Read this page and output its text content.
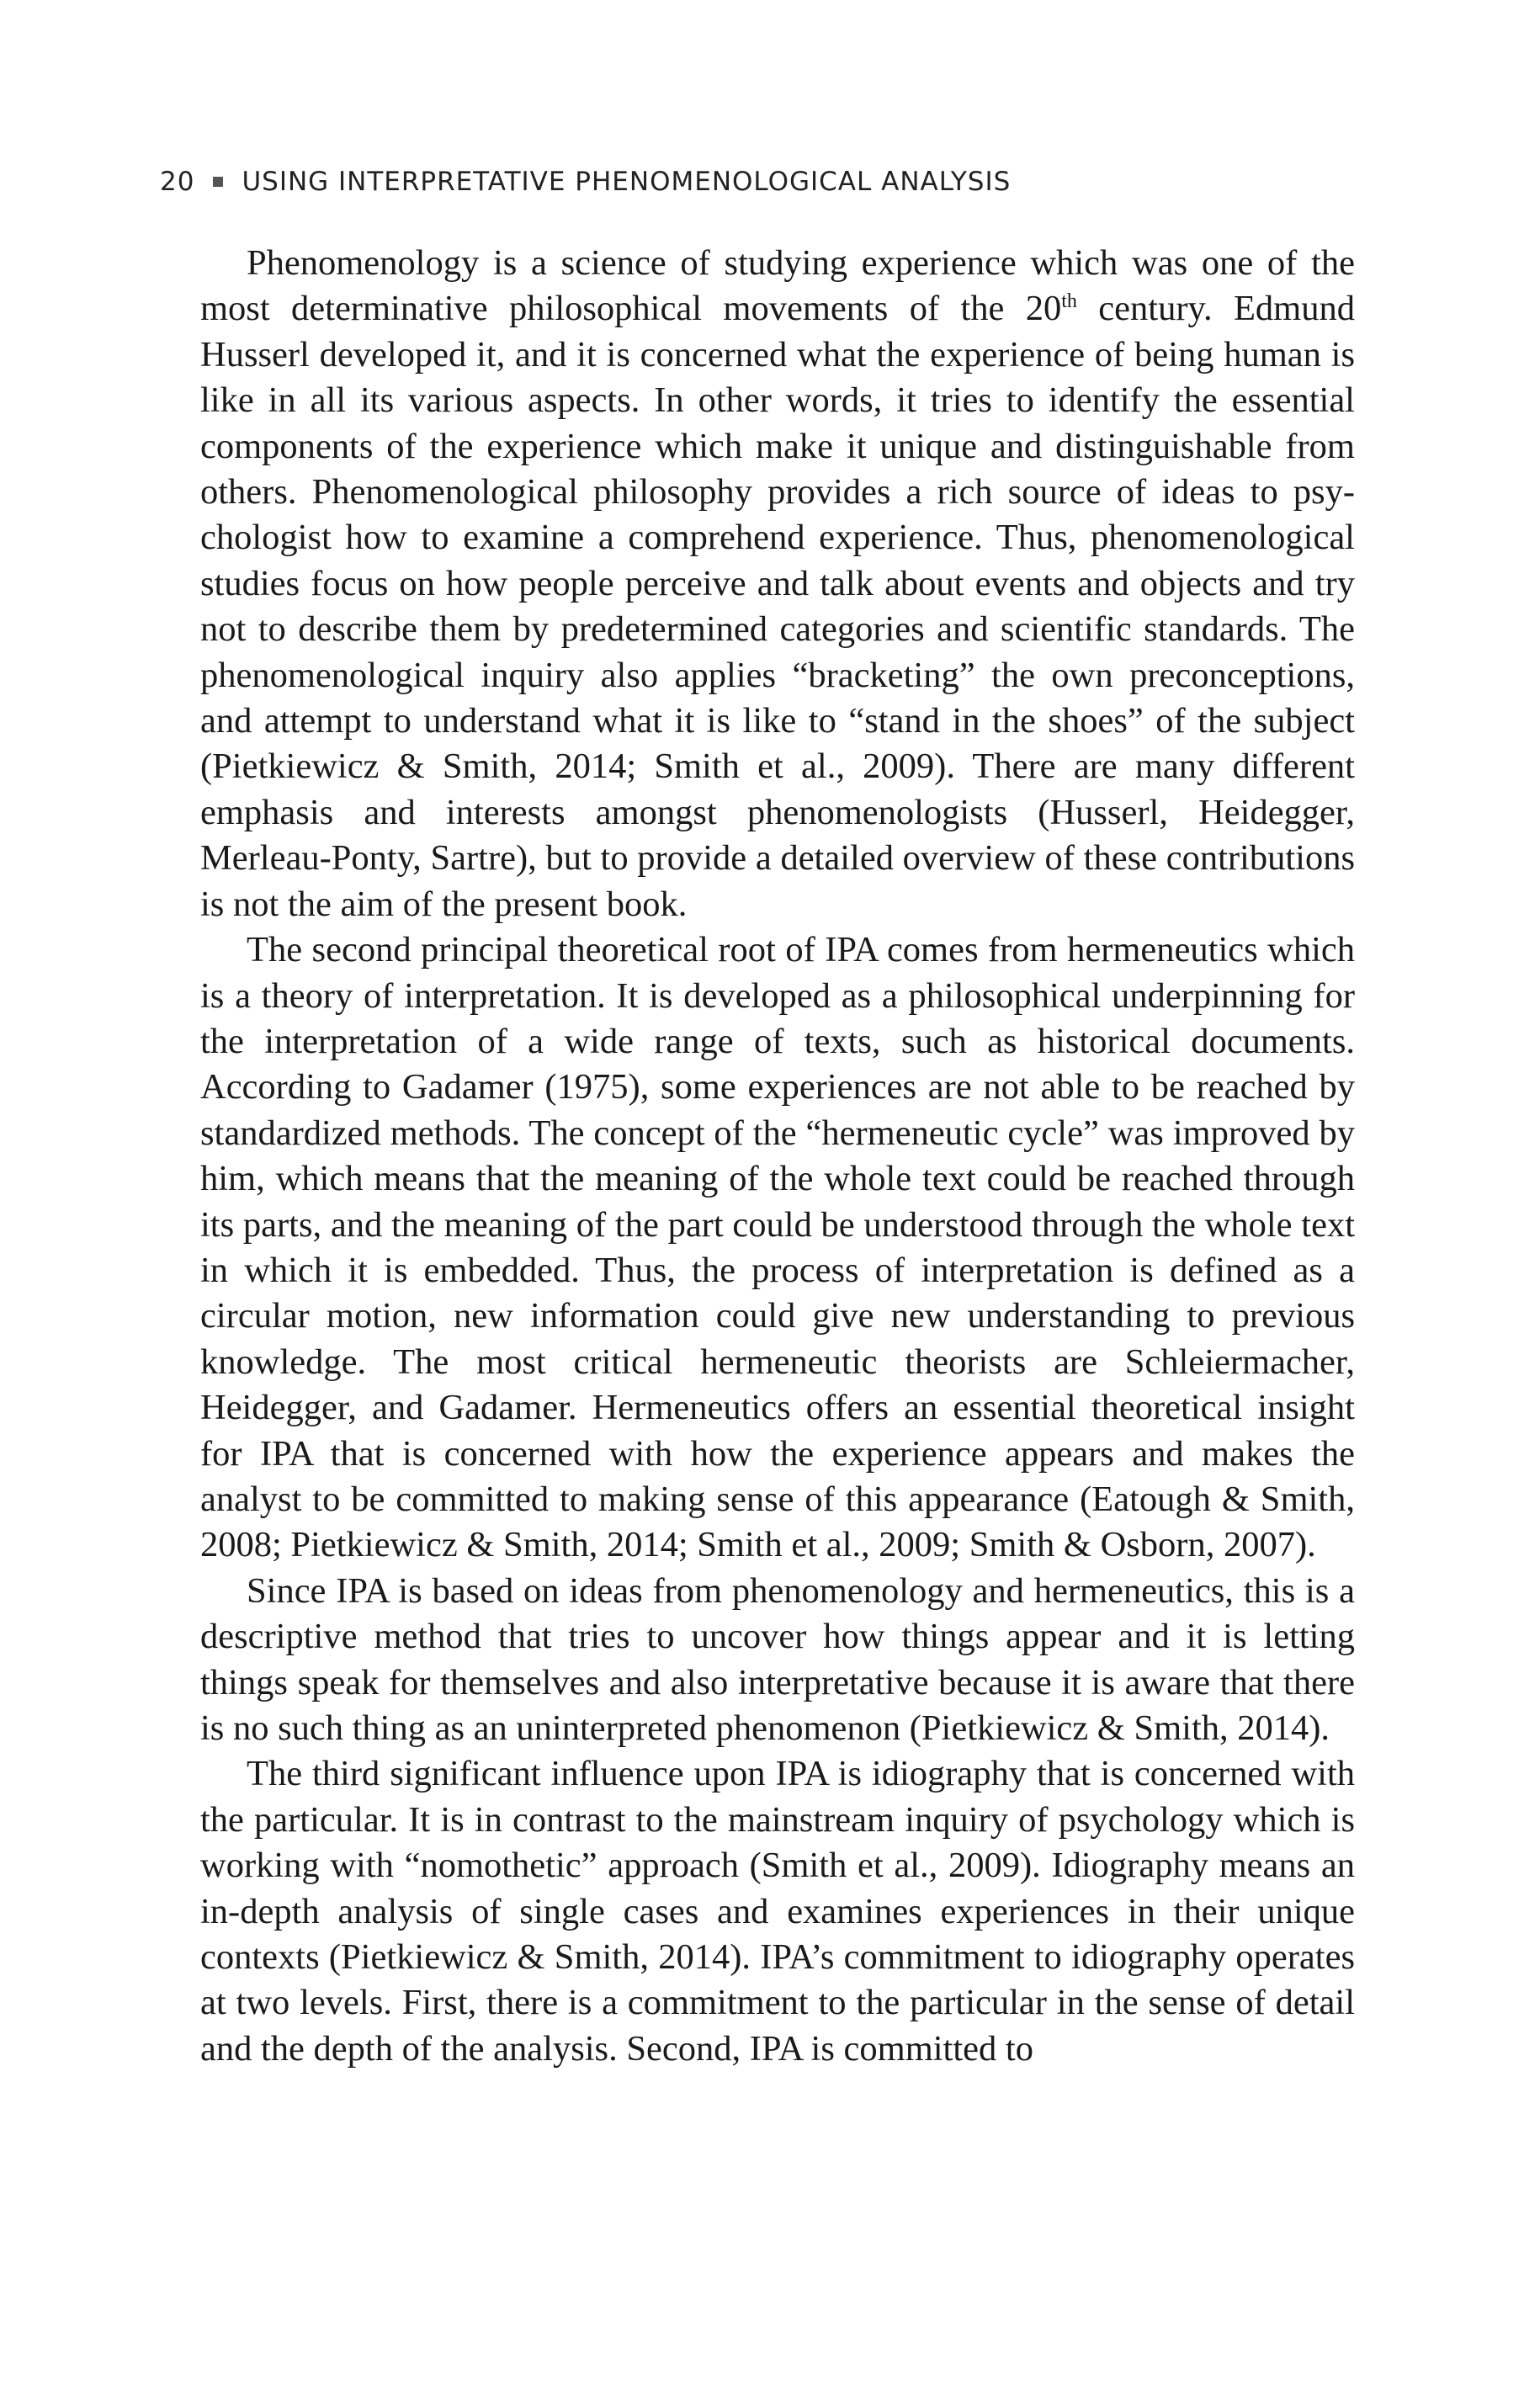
20 USING INTERPRETATIVE PHENOMENOLOGICAL ANALYSIS

Phenomenology is a science of studying experience which was one of the most determinative philosophical movements of the 20th century. Edmund Husserl developed it, and it is concerned what the experience of being human is like in all its various aspects. In other words, it tries to identify the essential components of the experience which make it unique and distinguishable from others. Phenomenological philosophy provides a rich source of ideas to psychologist how to examine a comprehend experience. Thus, phenomenological studies focus on how people perceive and talk about events and objects and try not to describe them by predetermined categories and scientific standards. The phenomenological inquiry also applies “bracketing” the own preconceptions, and attempt to understand what it is like to “stand in the shoes” of the subject (Pietkiewicz & Smith, 2014; Smith et al., 2009). There are many different emphasis and interests amongst phenomenologists (Husserl, Heidegger, Merleau-Ponty, Sartre), but to provide a detailed overview of these contributions is not the aim of the present book.

The second principal theoretical root of IPA comes from hermeneutics which is a theory of interpretation. It is developed as a philosophical underpinning for the interpretation of a wide range of texts, such as historical documents. According to Gadamer (1975), some experiences are not able to be reached by standardized methods. The concept of the “hermeneutic cycle” was improved by him, which means that the meaning of the whole text could be reached through its parts, and the meaning of the part could be understood through the whole text in which it is embedded. Thus, the process of interpretation is defined as a circular motion, new information could give new understanding to previous knowledge. The most critical hermeneutic theorists are Schleiermacher, Heidegger, and Gadamer. Hermeneutics offers an essential theoretical insight for IPA that is concerned with how the experience appears and makes the analyst to be committed to making sense of this appearance (Eatough & Smith, 2008; Pietkiewicz & Smith, 2014; Smith et al., 2009; Smith & Osborn, 2007).

Since IPA is based on ideas from phenomenology and hermeneutics, this is a descriptive method that tries to uncover how things appear and it is letting things speak for themselves and also interpretative because it is aware that there is no such thing as an uninterpreted phenomenon (Pietkiewicz & Smith, 2014).

The third significant influence upon IPA is idiography that is concerned with the particular. It is in contrast to the mainstream inquiry of psychology which is working with “nomothetic” approach (Smith et al., 2009). Idiography means an in-depth analysis of single cases and examines experiences in their unique contexts (Pietkiewicz & Smith, 2014). IPA’s commitment to idiography operates at two levels. First, there is a commitment to the particular in the sense of detail and the depth of the analysis. Second, IPA is committed to
